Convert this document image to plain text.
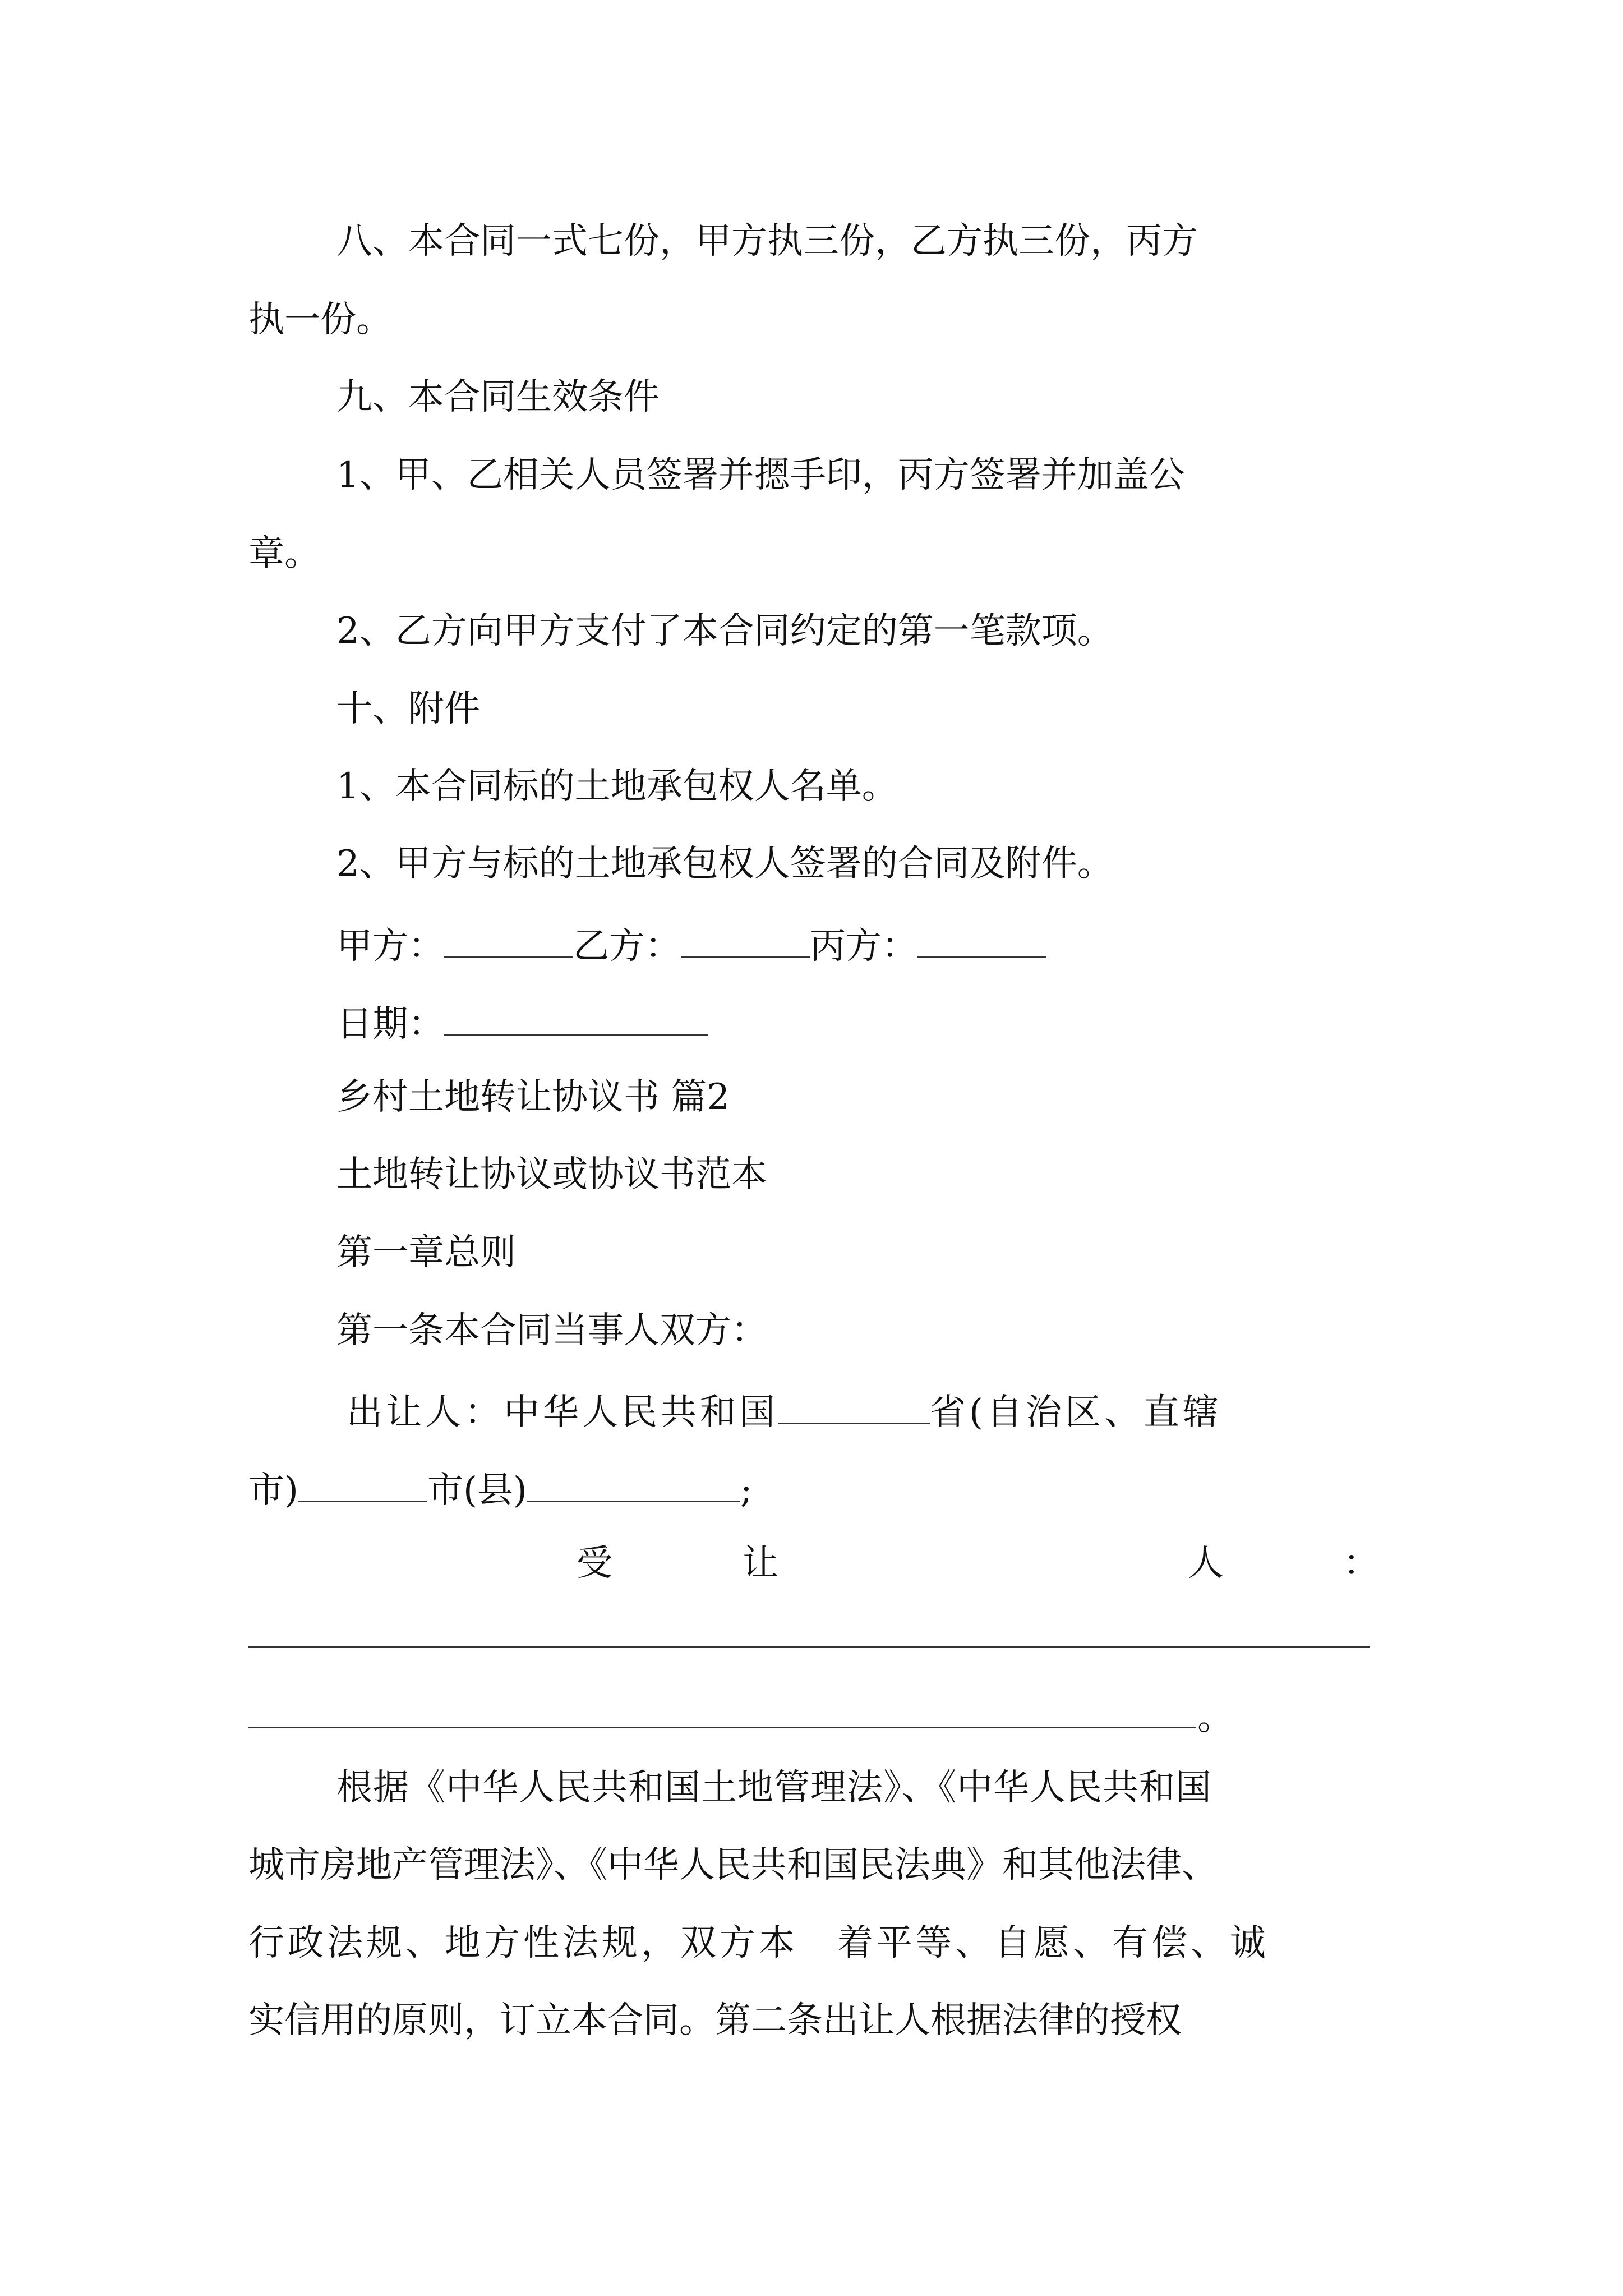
八、本合同一式七份，甲方执三份，乙方执三份，丙方
执一份。
九、本合同生效条件
1、甲、乙相关人员签署并摁手印，丙方签署并加盖公
章。
2、乙方向甲方支付了本合同约定的第一笔款项。
十、附件
1、本合同标的土地承包权人名单。
2、甲方与标的土地承包权人签署的合同及附件。
甲方：	乙方：	丙方：
日期：
乡村土地转让协议书 篇2
土地转让协议或协议书范本
第一章总则
第一条本合同当事人双方：
出让人：中华人民共和国	省(自治区、直辖
市)	市(县)	;
受	让	人	：
。
根据《中华人民共和国土地管理法》、《中华人民共和国
城市房地产管理法》、《中华人民共和国民法典》和其他法律、
行政法规、地方性法规，双方本　着平等、自愿、有偿、诚
实信用的原则，订立本合同。第二条出让人根据法律的授权
